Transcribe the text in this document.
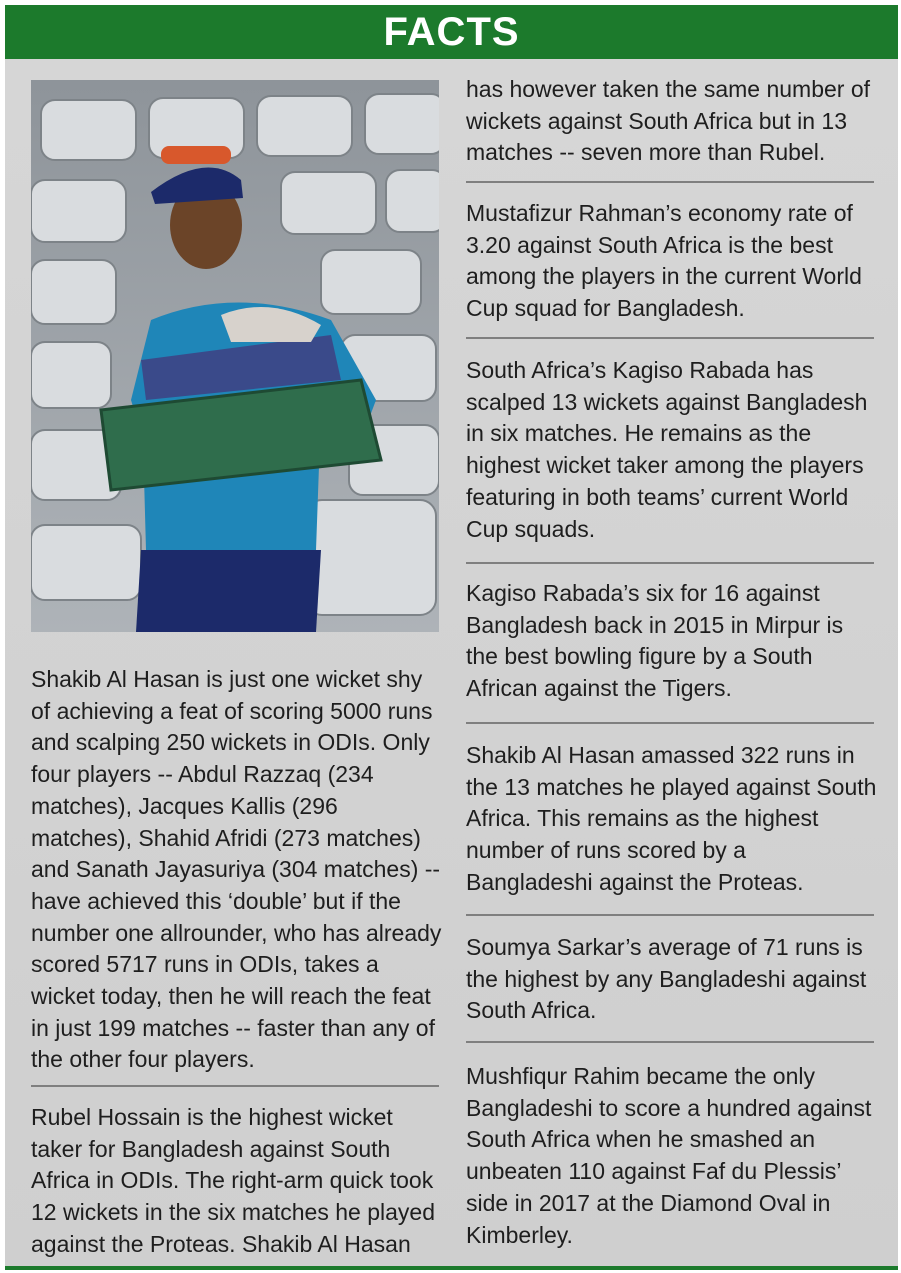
FACTS
Shakib Al Hasan is just one wicket shy of achieving a feat of scoring 5000 runs and scalping 250 wickets in ODIs. Only four players -- Abdul Razzaq (234 matches), Jacques Kallis (296 matches), Shahid Afridi (273 matches) and Sanath Jayasuriya (304 matches) -- have achieved this ‘double’ but if the number one allrounder, who has already scored 5717 runs in ODIs, takes a wicket today, then he will reach the feat in just 199 matches -- faster than any of the other four players.
Rubel Hossain is the highest wicket taker for Bangladesh against South Africa in ODIs. The right-arm quick took 12 wickets in the six matches he played against the Proteas. Shakib Al Hasan
has however taken the same number of wickets against South Africa but in 13 matches -- seven more than Rubel.
Mustafizur Rahman’s economy rate of 3.20 against South Africa is the best among the players in the current World Cup squad for Bangladesh.
South Africa’s Kagiso Rabada has scalped 13 wickets against Bangladesh in six matches. He remains as the highest wicket taker among the players featuring in both teams’ current World Cup squads.
Kagiso Rabada’s six for 16 against Bangladesh back in 2015 in Mirpur is the best bowling figure by a South African against the Tigers.
Shakib Al Hasan amassed 322 runs in the 13 matches he played against South Africa. This remains as the highest number of runs scored by a Bangladeshi against the Proteas.
Soumya Sarkar’s average of 71 runs is the highest by any Bangladeshi against South Africa.
Mushfiqur Rahim became the only Bangladeshi to score a hundred against South Africa when he smashed an unbeaten 110 against Faf du Plessis’ side in 2017 at the Diamond Oval in Kimberley.
